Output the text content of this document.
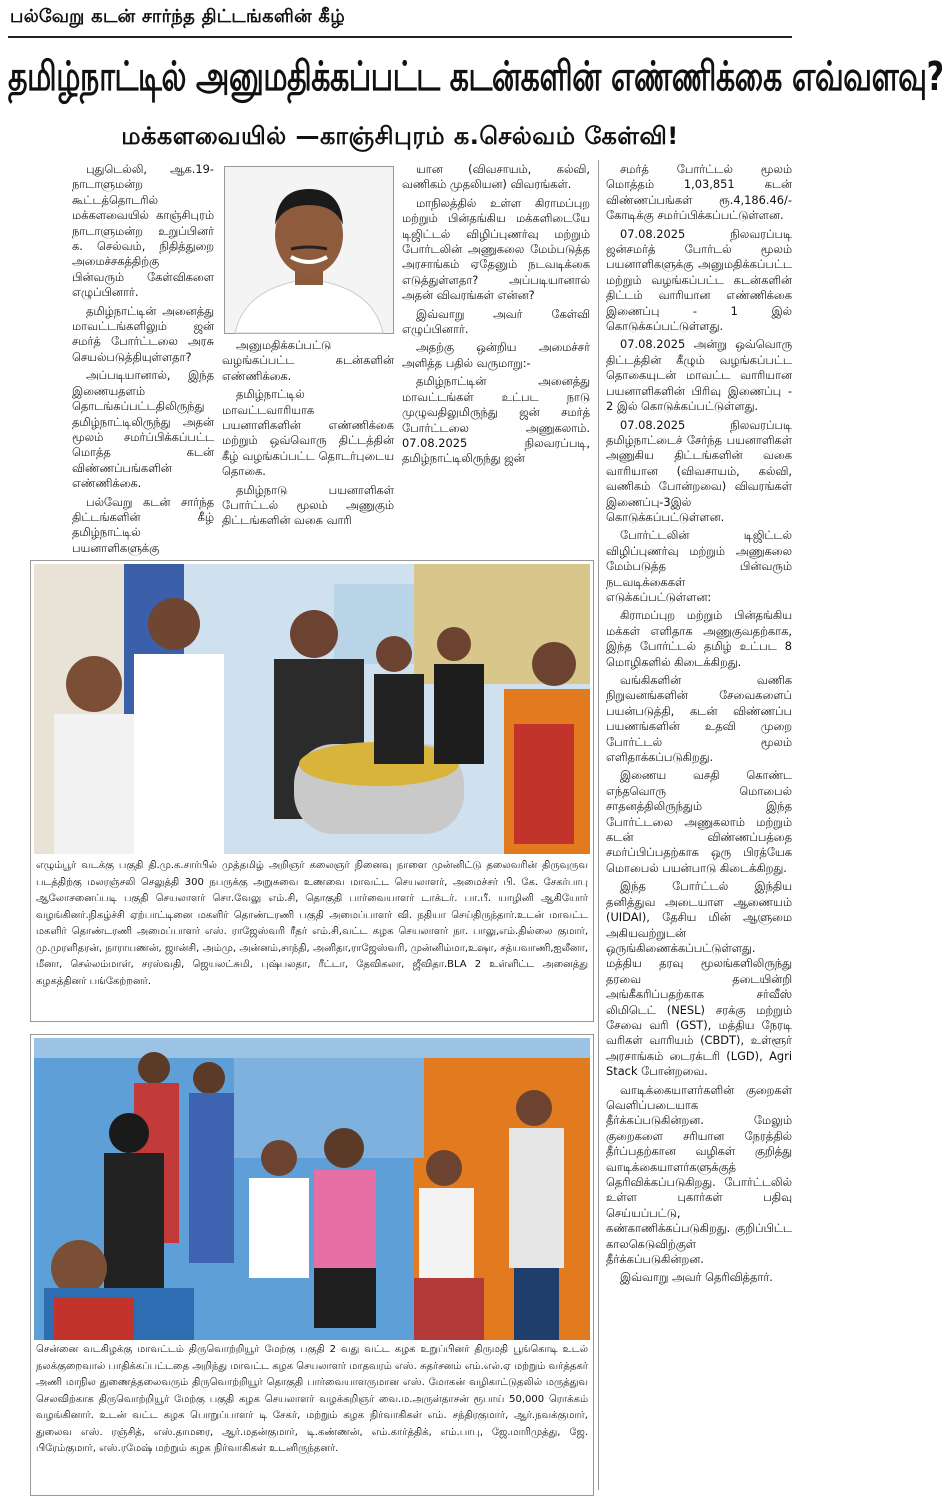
பல்வேறு கடன் சார்ந்த திட்டங்களின் கீழ்
தமிழ்நாட்டில் அனுமதிக்கப்பட்ட கடன்களின் எண்ணிக்கை எவ்வளவு?
மக்களவையில் —காஞ்சிபுரம் க.செல்வம் கேள்வி!

புதுடெல்லி, ஆக.19- நாடாளுமன்ற கூட்டத்தொடரில் மக்களவையில் காஞ்சிபுரம் நாடாளுமன்ற உறுப்பினர் க. செல்வம், நிதித்துறை அமைச்சகத்திற்கு பின்வரும் கேள்விகளை எழுப்பினார்.

தமிழ்நாட்டின் அனைத்து மாவட்டங்களிலும் ஜன் சமர்த் போர்ட்டலை அரசு செயல்படுத்தியுள்ளதா?

அப்படியானால், இந்த இணையதளம் தொடங்கப்பட்டதிலிருந்து தமிழ்நாட்டிலிருந்து அதன் மூலம் சமர்ப்பிக்கப்பட்ட மொத்த கடன் விண்ணப்பங்களின் எண்ணிக்கை.

பல்வேறு கடன் சார்ந்த திட்டங்களின் கீழ் தமிழ்நாட்டில் பயனாளிகளுக்கு

அனுமதிக்கப்பட்டு வழங்கப்பட்ட கடன்களின் எண்ணிக்கை.

தமிழ்நாட்டில் மாவட்டவாரியாக பயனாளிகளின் எண்ணிக்கை மற்றும் ஒவ்வொரு திட்டத்தின் கீழ் வழங்கப்பட்ட தொடர்புடைய தொகை.

தமிழ்நாடு பயனாளிகள் போர்ட்டல் மூலம் அணுகும் திட்டங்களின் வகை வாரி

யான (விவசாயம், கல்வி, வணிகம் முதலியன) விவரங்கள்.

மாநிலத்தில் உள்ள கிராமப்புற மற்றும் பின்தங்கிய மக்களிடையே டிஜிட்டல் விழிப்புணர்வு மற்றும் போர்டலின் அணுகலை மேம்படுத்த அரசாங்கம் ஏதேனும் நடவடிக்கை எடுத்துள்ளதா? அப்படியானால் அதன் விவரங்கள் என்ன?

இவ்வாறு அவர் கேள்வி எழுப்பினார்.

அதற்கு ஒன்றிய அமைச்சர் அளித்த பதில் வருமாறு:-

தமிழ்நாட்டின் அனைத்து மாவட்டங்கள் உட்பட நாடு முழுவதிலுமிருந்து ஜன் சமர்த் போர்ட்டலை அணுகலாம். 07.08.2025 நிலவரப்படி, தமிழ்நாட்டிலிருந்து ஜன்

சமர்த் போர்ட்டல் மூலம் மொத்தம் 1,03,851 கடன் விண்ணப்பங்கள் ரூ.4,186.46/- கோடிக்கு சமர்ப்பிக்கப்பட்டுள்ளன.

07.08.2025 நிலவரப்படி ஜன்சமர்த் போர்டல் மூலம் பயனாளிகளுக்கு அனுமதிக்கப்பட்ட மற்றும் வழங்கப்பட்ட கடன்களின் திட்டம் வாரியான எண்ணிக்கை இணைப்பு - 1 இல் கொடுக்கப்பட்டுள்ளது.

07.08.2025 அன்று ஒவ்வொரு திட்டத்தின் கீழும் வழங்கப்பட்ட தொகையுடன் மாவட்ட வாரியான பயனாளிகளின் பிரிவு இணைப்பு - 2 இல் கொடுக்கப்பட்டுள்ளது.

07.08.2025 நிலவரப்படி தமிழ்நாட்டைச் சேர்ந்த பயனாளிகள் அணுகிய திட்டங்களின் வகை வாரியான (விவசாயம், கல்வி, வணிகம் போன்றவை) விவரங்கள் இணைப்பு-3இல் கொடுக்கப்பட்டுள்ளன.

போர்ட்டலின் டிஜிட்டல் விழிப்புணர்வு மற்றும் அணுகலை மேம்படுத்த பின்வரும் நடவடிக்கைகள் எடுக்கப்பட்டுள்ளன:

கிராமப்புற மற்றும் பின்தங்கிய மக்கள் எளிதாக அணுகுவதற்காக, இந்த போர்ட்டல் தமிழ் உட்பட 8 மொழிகளில் கிடைக்கிறது.

வங்கிகளின் வணிக நிறுவனங்களின் சேவைகளைப் பயன்படுத்தி, கடன் விண்ணப்ப பயணங்களின் உதவி முறை போர்ட்டல் மூலம் எளிதாக்கப்படுகிறது.

இணைய வசதி கொண்ட எந்தவொரு மொபைல் சாதனத்திலிருந்தும் இந்த போர்ட்டலை அணுகலாம் மற்றும் கடன் விண்ணப்பத்தை சமர்ப்பிப்பதற்காக ஒரு பிரத்யேக மொபைல் பயன்பாடு கிடைக்கிறது.

இந்த போர்ட்டல் இந்திய தனித்துவ அடையாள ஆணையம் (UIDAI), தேசிய மின் ஆளுமை அகியவற்றுடன் ஒருங்கிணைக்கப்பட்டுள்ளது. மத்திய தரவு மூலங்களிலிருந்து தரவை தடையின்றி அங்கீகரிப்பதற்காக சர்வீஸ் லிமிடெட் (NESL) சரக்கு மற்றும் சேவை வரி (GST), மத்திய நேரடி வரிகள் வாரியம் (CBDT), உள்ளூர் அரசாங்கம் டைரக்டரி (LGD), Agri Stack போன்றவை.

வாடிக்கையாளர்களின் குறைகள் வெளிப்படையாக தீர்க்கப்படுகின்றன. மேலும் குறைகளை சரியான நேரத்தில் தீர்ப்பதற்கான வழிகள் குறித்து வாடிக்கையாளர்களுக்குத் தெரிவிக்கப்படுகிறது. போர்ட்டலில் உள்ள புகார்கள் பதிவு செய்யப்பட்டு, கண்காணிக்கப்படுகிறது. குறிப்பிட்ட காலகெடுவிற்குள் தீர்க்கப்படுகின்றன.

இவ்வாறு அவர் தெரிவித்தார்.

எழும்பூர் வடக்கு பகுதி தி.மு.க.சார்பில் முத்தமிழ் அறிஞர் கலைஞர் நினைவு நாளை முன்னிட்டு தலைவரின் திருவுருவ படத்திற்கு மலரஞ்சலி செலுத்தி 300 நபருக்கு அறுசுவை உணவை மாவட்ட செயலாளர், அமைச்சர் பி. கே. சேகர்பாபு ஆலோசனைப்படி பகுதி செயலாளர் சொ.வேலு எம்.சி, தொகுதி பார்வையாளர் டாக்டர். பா.பீ. யாழினி ஆகியோர் வழங்கினர்.நிகழ்ச்சி ஏற்பாட்டினை மகளிர் தொண்டரணி பகுதி அமைப்பாளர் வி. நதியா செய்திருந்தார்.உடன் மாவட்ட மகளிர் தொண்டரணி அமைப்பாளர் எஸ். ராஜேஸ்வரி ரீதர் எம்.சி,வட்ட கழக செயலாளர் நா. பாலு,எம்.தில்லை குமார், மு.முரளிதரன், நாராயணன், ஜான்சி, அம்மு, அன்னம்,சாந்தி, அனிதா,ராஜேஸ்வரி, முன்னிம்மா,உஷா, சத்யவாணி,ஐலீனா, மீனா, செல்லம்மாள், சரஸ்வதி, ஜெயலட்சுமி, புஷ்பலதா, ரீட்டா, தேவிகலா, ஜீவிதா.BLA 2 உள்ளிட்ட அனைத்து கழகத்தினர் பங்கேற்றனர்.
சென்னை வடகிழக்கு மாவட்டம் திருவொற்றியூர் மேற்கு பகுதி 2 வது வட்ட கழக உறுப்பினர் திருமதி பூங்கொடி உடல் நலக்குறைவால் பாதிக்கப்பட்டதை அறிந்து மாவட்ட கழக செயலாளர் மாதவரம் எஸ். சுதர்சனம் எம்.எல்.ஏ மற்றும் வர்த்தகர் அணி மாநில துணைத்தலைவரும் திருவொற்றியூர் தொகுதி பார்வையாளருமான எஸ். மோகன் வழிகாட்டுதலில் மருத்துவ செலவிற்காக திருவொற்றியூர் மேற்கு பகுதி கழக செயலாளர் வழக்கறிஞர் வை.ம.அருள்தாசன் ரூபாய் 50,000 ரொக்கம் வழங்கினார். உடன் வட்ட கழக பொறுப்பாளர் டி சேகர், மற்றும் கழக நிர்வாகிகள் எம். சந்திரகுமார், ஆர்.நவக்குமார், துலைவ எஸ். ரஞ்சித், எஸ்.தாமரை, ஆர்.மதன்குமார், டி.கண்ணன், எம்.கார்த்திக், எம்.பாபு, ஜே.மாரிமுத்து, ஜே. பிரேம்குமார், எஸ்.ரமேஷ் மற்றும் கழக நிர்வாகிகள் உடனிருந்தனர்.
